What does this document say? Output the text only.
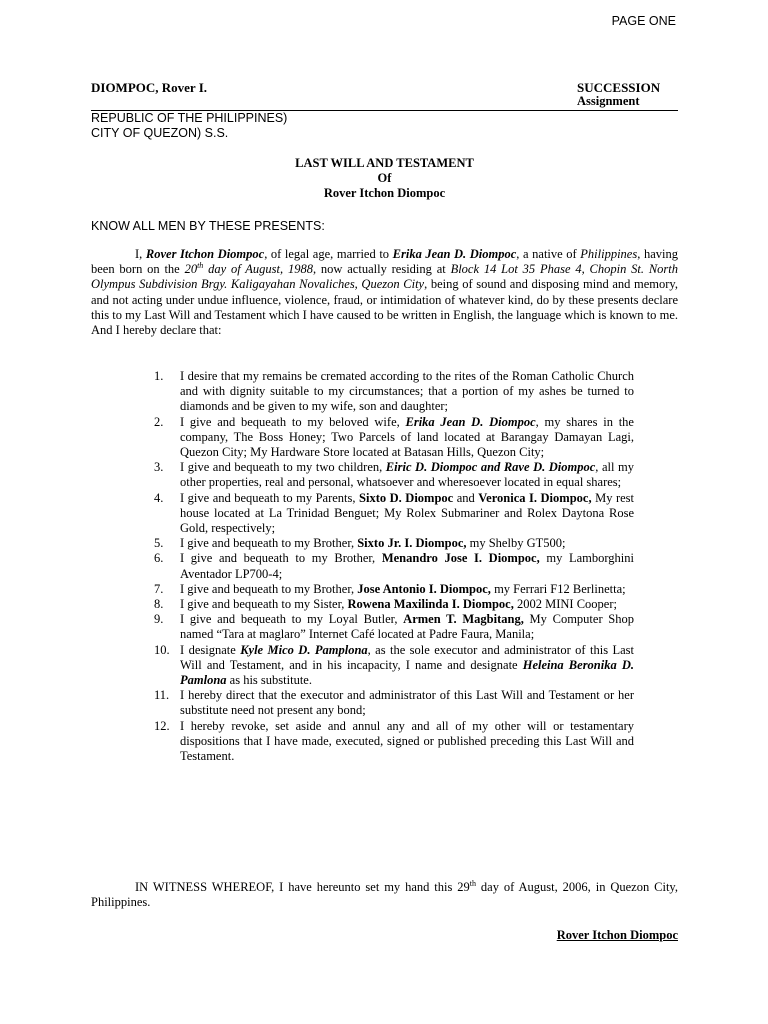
PAGE ONE
DIOMPOC, Rover I.	SUCCESSION
Assignment
REPUBLIC OF THE PHILIPPINES)
CITY OF QUEZON) S.S.
LAST WILL AND TESTAMENT
Of
Rover Itchon Diompoc
KNOW ALL MEN BY THESE PRESENTS:

I, Rover Itchon Diompoc, of legal age, married to Erika Jean D. Diompoc, a native of Philippines, having been born on the 20th day of August, 1988, now actually residing at Block 14 Lot 35 Phase 4, Chopin St. North Olympus Subdivision Brgy. Kaligayahan Novaliches, Quezon City, being of sound and disposing mind and memory, and not acting under undue influence, violence, fraud, or intimidation of whatever kind, do by these presents declare this to my Last Will and Testament which I have caused to be written in English, the language which is known to me. And I hereby declare that:

1.	I desire that my remains be cremated according to the rites of the Roman Catholic Church and with dignity suitable to my circumstances; that a portion of my ashes be turned to diamonds and be given to my wife, son and daughter;
2.	I give and bequeath to my beloved wife, Erika Jean D. Diompoc, my shares in the company, The Boss Honey; Two Parcels of land located at Barangay Damayan Lagi, Quezon City; My Hardware Store located at Batasan Hills, Quezon City;
3.	I give and bequeath to my two children, Eiric D. Diompoc and Rave D. Diompoc, all my other properties, real and personal, whatsoever and wheresoever located in equal shares;
4.	I give and bequeath to my Parents, Sixto D. Diompoc and Veronica I. Diompoc, My rest house located at La Trinidad Benguet; My Rolex Submariner and Rolex Daytona Rose Gold, respectively;
5.	I give and bequeath to my Brother, Sixto Jr. I. Diompoc, my Shelby GT500;
6.	I give and bequeath to my Brother, Menandro Jose I. Diompoc, my Lamborghini Aventador LP700-4;
7.	I give and bequeath to my Brother, Jose Antonio I. Diompoc, my Ferrari F12 Berlinetta;
8.	I give and bequeath to my Sister, Rowena Maxilinda I. Diompoc, 2002 MINI Cooper;
9.	I give and bequeath to my Loyal Butler, Armen T. Magbitang, My Computer Shop named “Tara at maglaro” Internet Café located at Padre Faura, Manila;
10. I designate Kyle Mico D. Pamplona, as the sole executor and administrator of this Last Will and Testament, and in his incapacity, I name and designate Heleina Beronika D. Pamlona as his substitute.
11. I hereby direct that the executor and administrator of this Last Will and Testament or her substitute need not present any bond;
12. I hereby revoke, set aside and annul any and all of my other will or testamentary dispositions that I have made, executed, signed or published preceding this Last Will and Testament.

IN WITNESS WHEREOF, I have hereunto set my hand this 29th day of August, 2006, in Quezon City, Philippines.

Rover Itchon Diompoc
